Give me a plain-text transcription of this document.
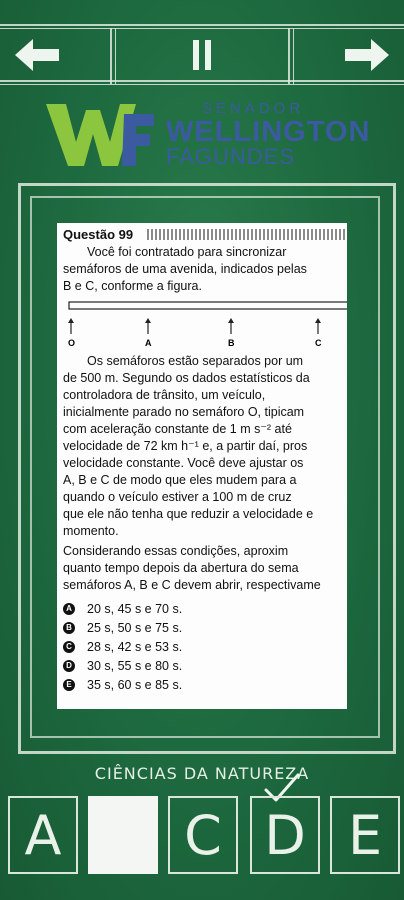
SENADOR
WELLINGTON
FAGUNDES
Questão 99
Você foi contratado para sincronizar
semáforos de uma avenida, indicados pelas
B e C, conforme a figura.
O	A	B	C
Os semáforos estão separados por um
de 500 m. Segundo os dados estatísticos da
controladora de trânsito, um veículo,
inicialmente parado no semáforo O, tipicam
com aceleração constante de 1 m s⁻² até
velocidade de 72 km h⁻¹ e, a partir daí, pros
velocidade constante. Você deve ajustar os
A, B e C de modo que eles mudem para a
quando o veículo estiver a 100 m de cruz
que ele não tenha que reduzir a velocidade e
momento.
Considerando essas condições, aproxim
quanto tempo depois da abertura do sema
semáforos A, B e C devem abrir, respectivame
A 20 s, 45 s e 70 s.
B 25 s, 50 s e 75 s.
C 28 s, 42 s e 53 s.
D 30 s, 55 s e 80 s.
E 35 s, 60 s e 85 s.
CIÊNCIAS DA NATUREZA
A	C D E
